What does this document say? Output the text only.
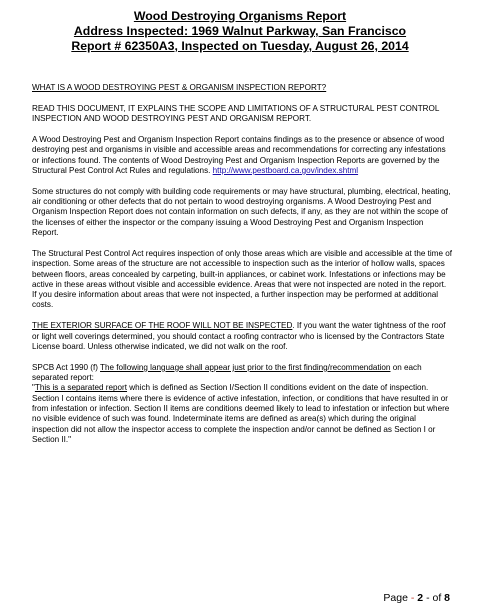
Wood Destroying Organisms Report
Address Inspected: 1969 Walnut Parkway, San Francisco
Report # 62350A3, Inspected on Tuesday, August 26, 2014

WHAT IS A WOOD DESTROYING PEST & ORGANISM INSPECTION REPORT?

READ THIS DOCUMENT, IT EXPLAINS THE SCOPE AND LIMITATIONS OF A STRUCTURAL PEST CONTROL INSPECTION AND WOOD DESTROYING PEST AND ORGANISM REPORT.

A Wood Destroying Pest and Organism Inspection Report contains findings as to the presence or absence of wood destroying pest and organisms in visible and accessible areas and recommendations for correcting any infestations or infections found. The contents of Wood Destroying Pest and Organism Inspection Reports are governed by the Structural Pest Control Act Rules and regulations. http://www.pestboard.ca.gov/index.shtml

Some structures do not comply with building code requirements or may have structural, plumbing, electrical, heating, air conditioning or other defects that do not pertain to wood destroying organisms. A Wood Destroying Pest and Organism Inspection Report does not contain information on such defects, if any, as they are not within the scope of the licenses of either the inspector or the company issuing a Wood Destroying Pest and Organism Inspection Report.

The Structural Pest Control Act requires inspection of only those areas which are visible and accessible at the time of inspection. Some areas of the structure are not accessible to inspection such as the interior of hollow walls, spaces between floors, areas concealed by carpeting, built-in appliances, or cabinet work. Infestations or infections may be active in these areas without visible and accessible evidence. Areas that were not inspected are noted in the report. If you desire information about areas that were not inspected, a further inspection may be performed at additional costs.

THE EXTERIOR SURFACE OF THE ROOF WILL NOT BE INSPECTED. If you want the water tightness of the roof or light well coverings determined, you should contact a roofing contractor who is licensed by the Contractors State License board. Unless otherwise indicated, we did not walk on the roof.

SPCB Act 1990 (f) The following language shall appear just prior to the first finding/recommendation on each separated report:
"This is a separated report which is defined as Section I/Section II conditions evident on the date of inspection. Section I contains items where there is evidence of active infestation, infection, or conditions that have resulted in or from infestation or infection. Section II items are conditions deemed likely to lead to infestation or infection but where no visible evidence of such was found. Indeterminate items are defined as area(s) which during the original inspection did not allow the inspector access to complete the inspection and/or cannot be defined as Section I or Section II."

Page - 2 - of 8
